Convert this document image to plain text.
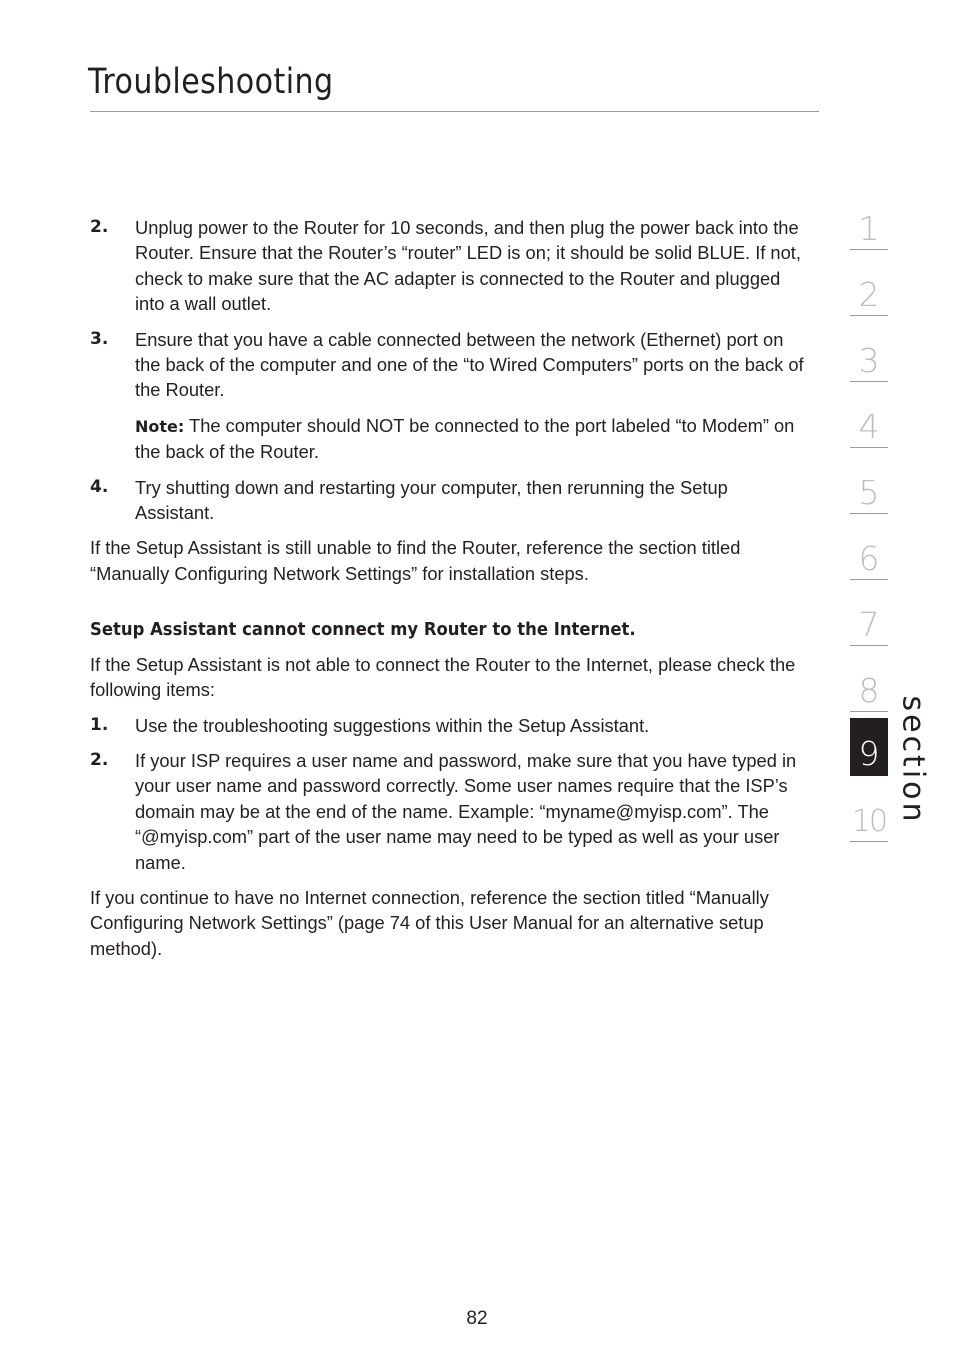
Troubleshooting
2.	Unplug power to the Router for 10 seconds, and then plug the power back into the Router. Ensure that the Router’s “router” LED is on; it should be solid BLUE. If not, check to make sure that the AC adapter is connected to the Router and plugged into a wall outlet.
3.	Ensure that you have a cable connected between the network (Ethernet) port on the back of the computer and one of the “to Wired Computers” ports on the back of the Router.
Note: The computer should NOT be connected to the port labeled “to Modem” on the back of the Router.
4.	Try shutting down and restarting your computer, then rerunning the Setup Assistant.

If the Setup Assistant is still unable to find the Router, reference the section titled “Manually Configuring Network Settings” for installation steps.

Setup Assistant cannot connect my Router to the Internet.

If the Setup Assistant is not able to connect the Router to the Internet, please check the following items:

1.	Use the troubleshooting suggestions within the Setup Assistant.
2.	If your ISP requires a user name and password, make sure that you have typed in your user name and password correctly. Some user names require that the ISP’s domain may be at the end of the name. Example: “myname@myisp.com”. The “@myisp.com” part of the user name may need to be typed as well as your user name.

If you continue to have no Internet connection, reference the section titled “Manually Configuring Network Settings” (page 74 of this User Manual for an alternative setup method).

1
2
3
4
5
6
7
8
9
10 section
82
